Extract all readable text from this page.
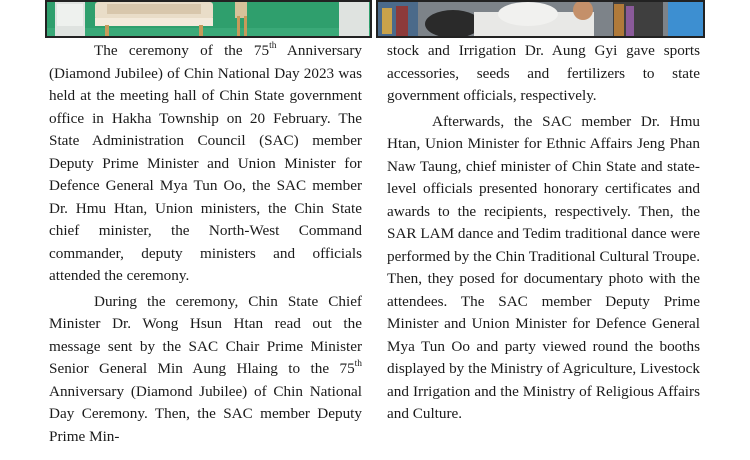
The ceremony of the 75th Anniversary (Diamond Jubilee) of Chin National Day 2023 was held at the meeting hall of Chin State government office in Hakha Township on 20 February. The State Administration Council (SAC) member Deputy Prime Minister and Union Minister for Defence General Mya Tun Oo, the SAC member Dr. Hmu Htan, Union ministers, the Chin State chief minister, the North-West Command commander, deputy ministers and officials attended the ceremony.

During the ceremony, Chin State Chief Minister Dr. Wong Hsun Htan read out the message sent by the SAC Chair Prime Minister Senior General Min Aung Hlaing to the 75th Anniversary (Diamond Jubilee) of Chin National Day Ceremony. Then, the SAC member Deputy Prime Min-

stock and Irrigation Dr. Aung Gyi gave sports accessories, seeds and fertilizers to state government officials, respectively.

Afterwards, the SAC member Dr. Hmu Htan, Union Minister for Ethnic Affairs Jeng Phan Naw Taung, chief minister of Chin State and state-level officials presented honorary certificates and awards to the recipients, respectively. Then, the SAR LAM dance and Tedim traditional dance were performed by the Chin Traditional Cultural Troupe. Then, they posed for documentary photo with the attendees. The SAC member Deputy Prime Minister and Union Minister for Defence General Mya Tun Oo and party viewed round the booths displayed by the Ministry of Agriculture, Livestock and Irrigation and the Ministry of Religious Affairs and Culture.
